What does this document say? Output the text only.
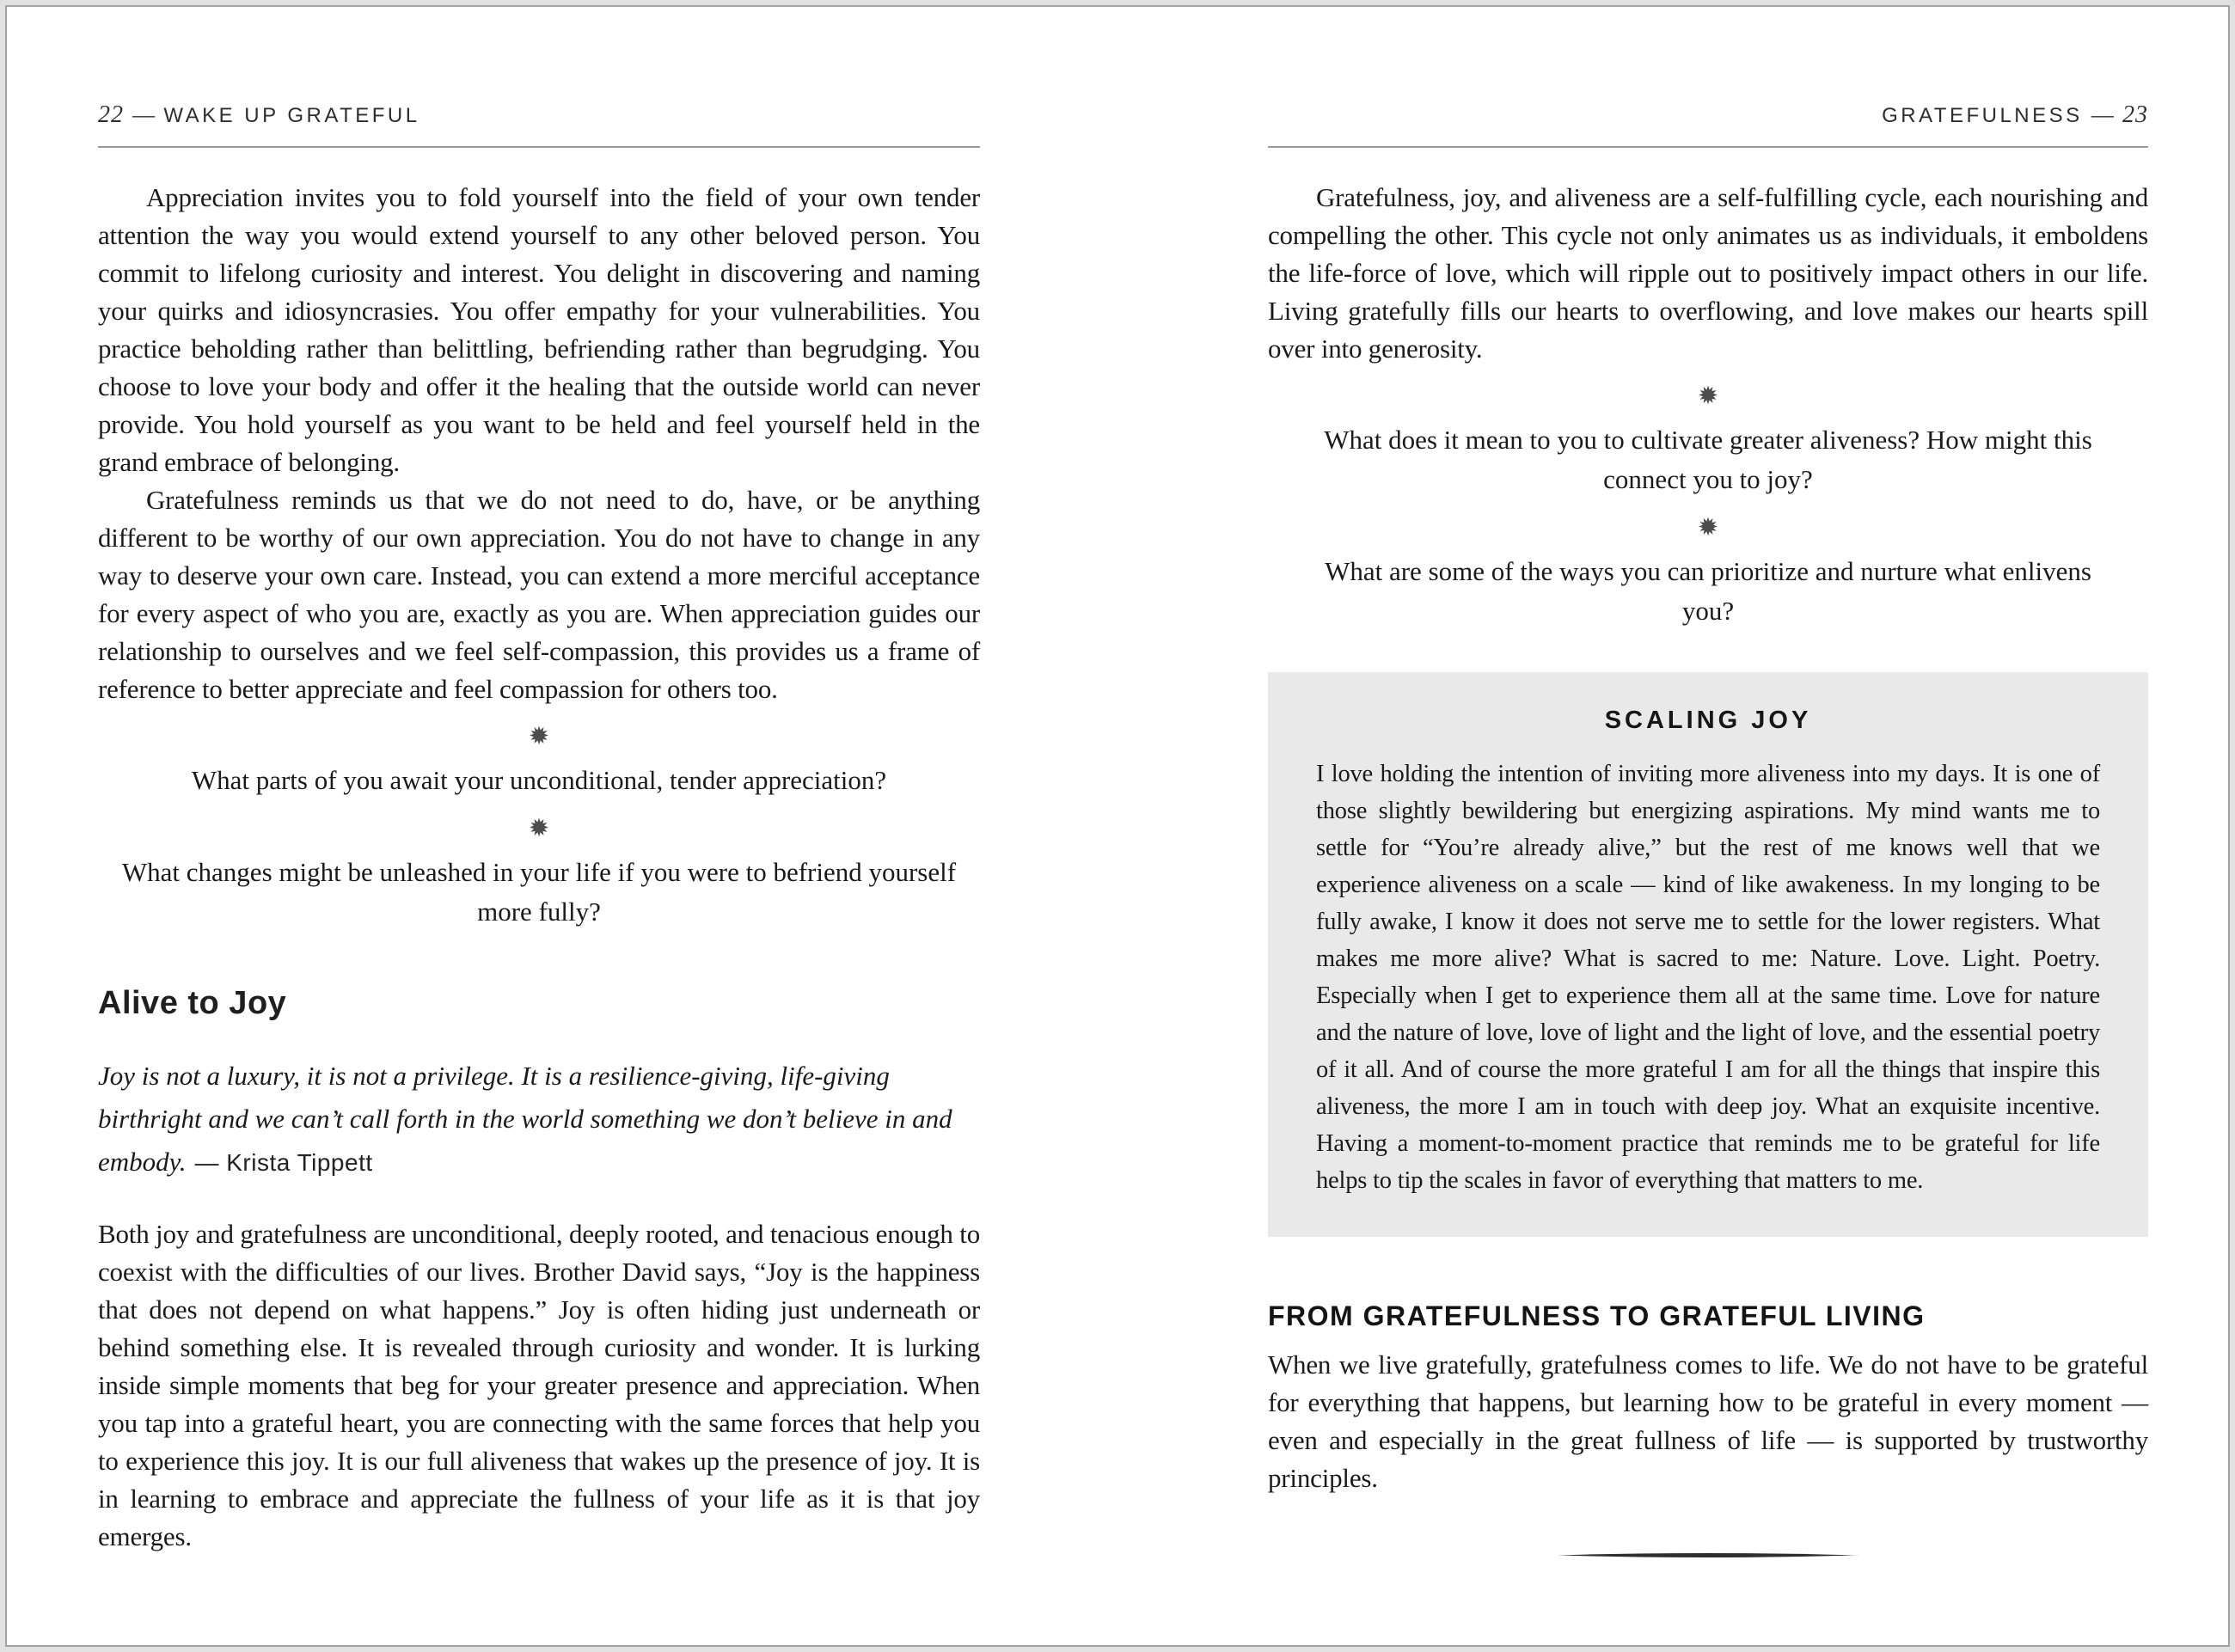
22 — WAKE UP GRATEFUL

Appreciation invites you to fold yourself into the field of your own tender attention the way you would extend yourself to any other beloved person. You commit to lifelong curiosity and interest. You delight in discovering and naming your quirks and idiosyncrasies. You offer empathy for your vulnerabilities. You practice beholding rather than belittling, befriending rather than begrudging. You choose to love your body and offer it the healing that the outside world can never provide. You hold yourself as you want to be held and feel yourself held in the grand embrace of belonging.

Gratefulness reminds us that we do not need to do, have, or be anything different to be worthy of our own appreciation. You do not have to change in any way to deserve your own care. Instead, you can extend a more merciful acceptance for every aspect of who you are, exactly as you are. When appreciation guides our relationship to ourselves and we feel self-compassion, this provides us a frame of reference to better appreciate and feel compassion for others too.

✹

What parts of you await your unconditional, tender appreciation?

✹

What changes might be unleashed in your life if you were to befriend yourself more fully?

Alive to Joy

Joy is not a luxury, it is not a privilege. It is a resilience-giving, life-giving birthright and we can’t call forth in the world something we don’t believe in and embody. — Krista Tippett

Both joy and gratefulness are unconditional, deeply rooted, and tenacious enough to coexist with the difficulties of our lives. Brother David says, “Joy is the happiness that does not depend on what happens.” Joy is often hiding just underneath or behind something else. It is revealed through curiosity and wonder. It is lurking inside simple moments that beg for your greater presence and appreciation. When you tap into a grateful heart, you are connecting with the same forces that help you to experience this joy. It is our full aliveness that wakes up the presence of joy. It is in learning to embrace and appreciate the fullness of your life as it is that joy emerges.

GRATEFULNESS — 23

Gratefulness, joy, and aliveness are a self-fulfilling cycle, each nourishing and compelling the other. This cycle not only animates us as individuals, it emboldens the life-force of love, which will ripple out to positively impact others in our life. Living gratefully fills our hearts to overflowing, and love makes our hearts spill over into generosity.

✹

What does it mean to you to cultivate greater aliveness? How might this connect you to joy?

✹

What are some of the ways you can prioritize and nurture what enlivens you?

SCALING JOY

I love holding the intention of inviting more aliveness into my days. It is one of those slightly bewildering but energizing aspirations. My mind wants me to settle for “You’re already alive,” but the rest of me knows well that we experience aliveness on a scale — kind of like awakeness. In my longing to be fully awake, I know it does not serve me to settle for the lower registers. What makes me more alive? What is sacred to me: Nature. Love. Light. Poetry. Especially when I get to experience them all at the same time. Love for nature and the nature of love, love of light and the light of love, and the essential poetry of it all. And of course the more grateful I am for all the things that inspire this aliveness, the more I am in touch with deep joy. What an exquisite incentive. Having a moment-to-moment practice that reminds me to be grateful for life helps to tip the scales in favor of everything that matters to me.

FROM GRATEFULNESS TO GRATEFUL LIVING

When we live gratefully, gratefulness comes to life. We do not have to be grateful for everything that happens, but learning how to be grateful in every moment — even and especially in the great fullness of life — is supported by trustworthy principles.
